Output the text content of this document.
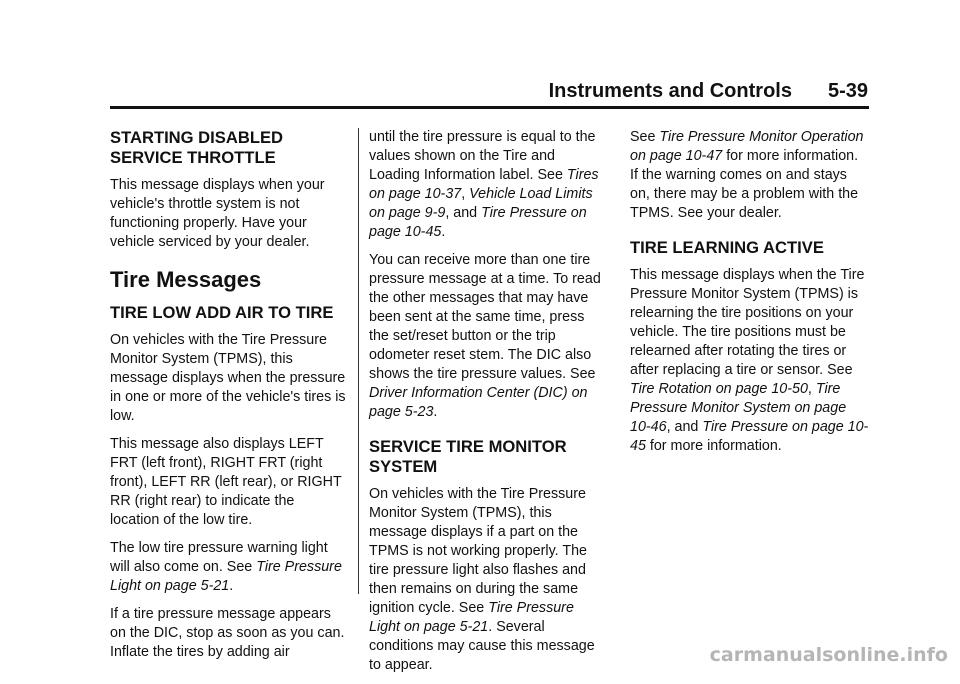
Instruments and Controls 5-39
STARTING DISABLED SERVICE THROTTLE

This message displays when your vehicle's throttle system is not functioning properly. Have your vehicle serviced by your dealer.

Tire Messages
TIRE LOW ADD AIR TO TIRE

On vehicles with the Tire Pressure Monitor System (TPMS), this message displays when the pressure in one or more of the vehicle's tires is low.

This message also displays LEFT FRT (left front), RIGHT FRT (right front), LEFT RR (left rear), or RIGHT RR (right rear) to indicate the location of the low tire.

The low tire pressure warning light will also come on. See Tire Pressure Light on page 5-21.

If a tire pressure message appears on the DIC, stop as soon as you can. Inflate the tires by adding air

until the tire pressure is equal to the values shown on the Tire and Loading Information label. See Tires on page 10-37, Vehicle Load Limits on page 9-9, and Tire Pressure on page 10-45.

You can receive more than one tire pressure message at a time. To read the other messages that may have been sent at the same time, press the set/reset button or the trip odometer reset stem. The DIC also shows the tire pressure values. See Driver Information Center (DIC) on page 5-23.

SERVICE TIRE MONITOR SYSTEM

On vehicles with the Tire Pressure Monitor System (TPMS), this message displays if a part on the TPMS is not working properly. The tire pressure light also flashes and then remains on during the same ignition cycle. See Tire Pressure Light on page 5-21. Several conditions may cause this message to appear.

See Tire Pressure Monitor Operation on page 10-47 for more information. If the warning comes on and stays on, there may be a problem with the TPMS. See your dealer.

TIRE LEARNING ACTIVE

This message displays when the Tire Pressure Monitor System (TPMS) is relearning the tire positions on your vehicle. The tire positions must be relearned after rotating the tires or after replacing a tire or sensor. See Tire Rotation on page 10-50, Tire Pressure Monitor System on page 10-46, and Tire Pressure on page 10-45 for more information.

carmanualsonline.info
